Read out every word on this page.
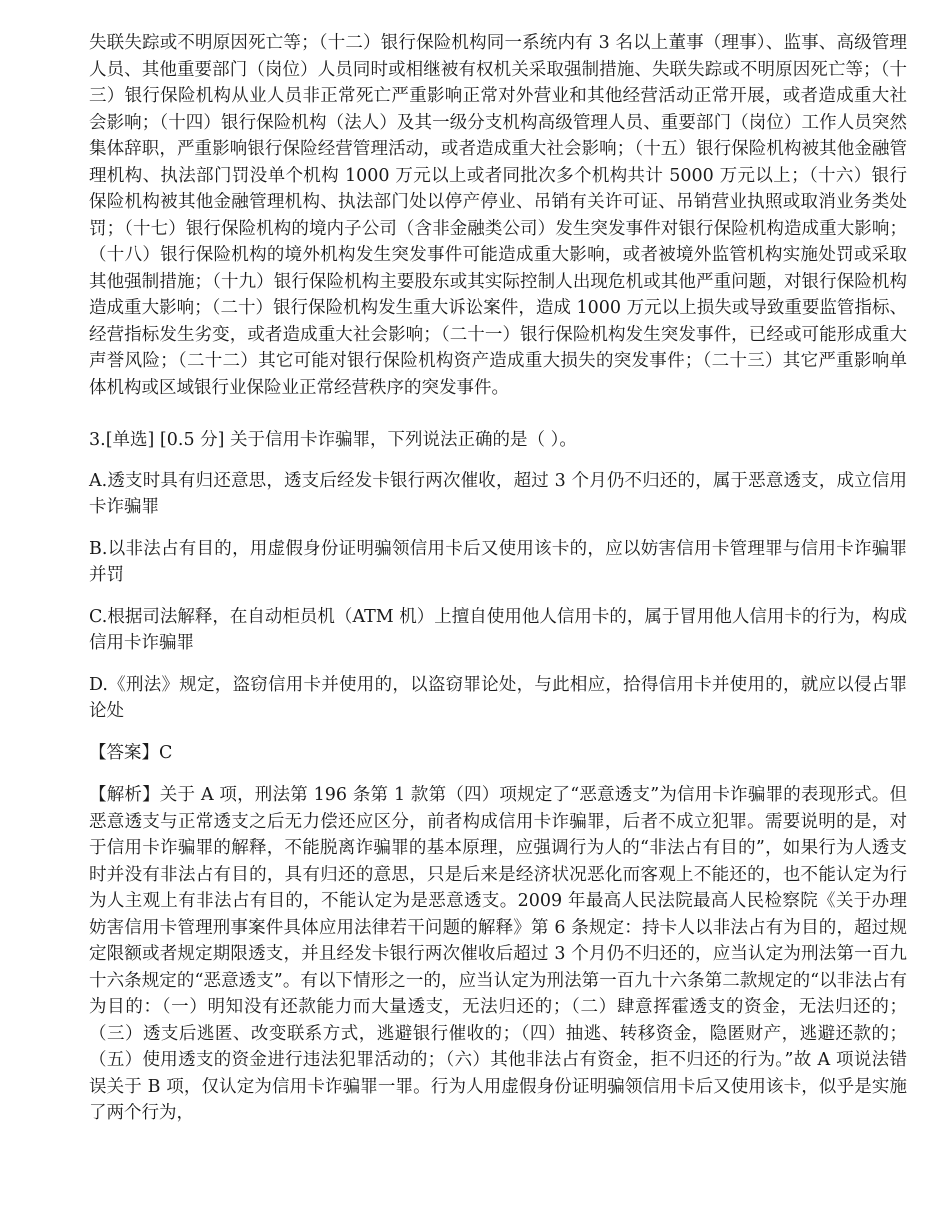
失联失踪或不明原因死亡等；（十二）银行保险机构同一系统内有 3 名以上董事（理事）、监事、高级管理人员、其他重要部门（岗位）人员同时或相继被有权机关采取强制措施、失联失踪或不明原因死亡等；（十三）银行保险机构从业人员非正常死亡严重影响正常对外营业和其他经营活动正常开展，或者造成重大社会影响；（十四）银行保险机构（法人）及其一级分支机构高级管理人员、重要部门（岗位）工作人员突然集体辞职，严重影响银行保险经营管理活动，或者造成重大社会影响；（十五）银行保险机构被其他金融管理机构、执法部门罚没单个机构 1000 万元以上或者同批次多个机构共计 5000 万元以上；（十六）银行保险机构被其他金融管理机构、执法部门处以停产停业、吊销有关许可证、吊销营业执照或取消业务类处罚；（十七）银行保险机构的境内子公司（含非金融类公司）发生突发事件对银行保险机构造成重大影响；（十八）银行保险机构的境外机构发生突发事件可能造成重大影响，或者被境外监管机构实施处罚或采取其他强制措施；（十九）银行保险机构主要股东或其实际控制人出现危机或其他严重问题，对银行保险机构造成重大影响；（二十）银行保险机构发生重大诉讼案件，造成 1000 万元以上损失或导致重要监管指标、经营指标发生劣变，或者造成重大社会影响；（二十一）银行保险机构发生突发事件，已经或可能形成重大声誉风险；（二十二）其它可能对银行保险机构资产造成重大损失的突发事件；（二十三）其它严重影响单体机构或区域银行业保险业正常经营秩序的突发事件。

3.[单选] [0.5 分] 关于信用卡诈骗罪，下列说法正确的是（ ）。

A.透支时具有归还意思，透支后经发卡银行两次催收，超过 3 个月仍不归还的，属于恶意透支，成立信用卡诈骗罪

B.以非法占有目的，用虚假身份证明骗领信用卡后又使用该卡的，应以妨害信用卡管理罪与信用卡诈骗罪并罚

C.根据司法解释，在自动柜员机（ATM 机）上擅自使用他人信用卡的，属于冒用他人信用卡的行为，构成信用卡诈骗罪

D.《刑法》规定，盗窃信用卡并使用的，以盗窃罪论处，与此相应，拾得信用卡并使用的，就应以侵占罪论处

【答案】C

【解析】关于 A 项，刑法第 196 条第 1 款第（四）项规定了“恶意透支”为信用卡诈骗罪的表现形式。但恶意透支与正常透支之后无力偿还应区分，前者构成信用卡诈骗罪，后者不成立犯罪。需要说明的是，对于信用卡诈骗罪的解释，不能脱离诈骗罪的基本原理，应强调行为人的“非法占有目的”，如果行为人透支时并没有非法占有目的，具有归还的意思，只是后来是经济状况恶化而客观上不能还的，也不能认定为行为人主观上有非法占有目的，不能认定为是恶意透支。2009 年最高人民法院最高人民检察院《关于办理妨害信用卡管理刑事案件具体应用法律若干问题的解释》第 6 条规定：持卡人以非法占有为目的，超过规定限额或者规定期限透支，并且经发卡银行两次催收后超过 3 个月仍不归还的，应当认定为刑法第一百九十六条规定的“恶意透支”。有以下情形之一的，应当认定为刑法第一百九十六条第二款规定的“以非法占有为目的：（一）明知没有还款能力而大量透支，无法归还的；（二）肆意挥霍透支的资金，无法归还的；（三）透支后逃匿、改变联系方式，逃避银行催收的；（四）抽逃、转移资金，隐匿财产，逃避还款的；（五）使用透支的资金进行违法犯罪活动的；（六）其他非法占有资金，拒不归还的行为。”故 A 项说法错误关于 B 项，仅认定为信用卡诈骗罪一罪。行为人用虚假身份证明骗领信用卡后又使用该卡，似乎是实施了两个行为，
